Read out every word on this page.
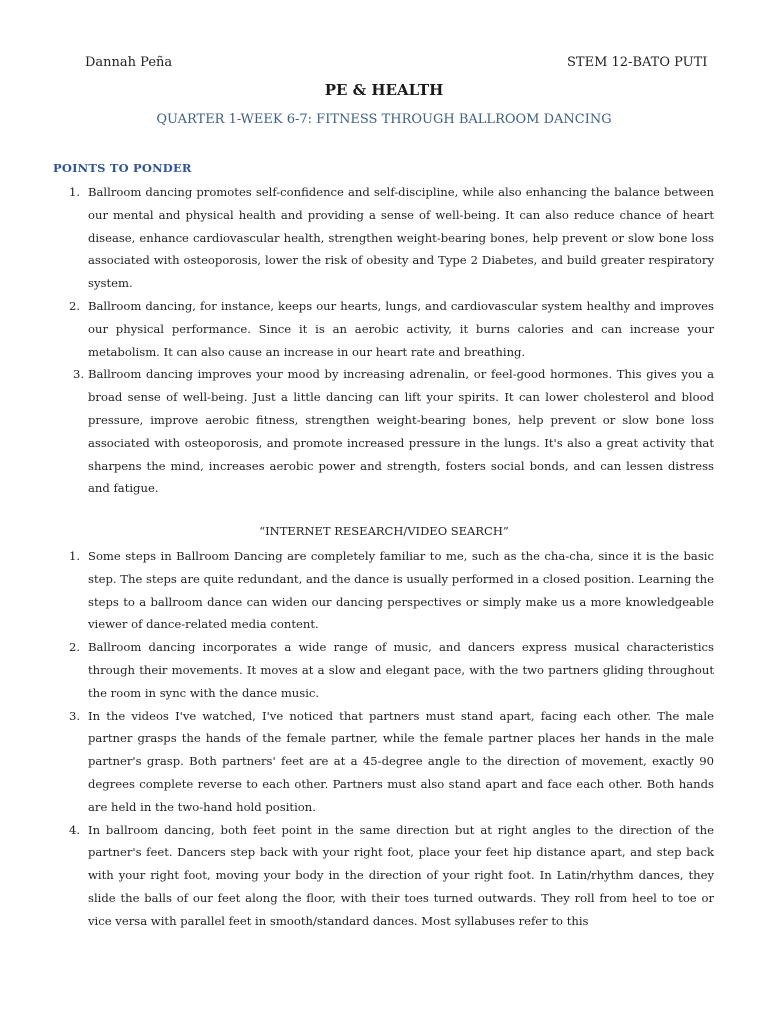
Dannah Peña	STEM 12-BATO PUTI
PE & HEALTH
QUARTER 1-WEEK 6-7: FITNESS THROUGH BALLROOM DANCING
POINTS TO PONDER
1. Ballroom dancing promotes self-confidence and self-discipline, while also enhancing the balance between our mental and physical health and providing a sense of well-being. It can also reduce chance of heart disease, enhance cardiovascular health, strengthen weight-bearing bones, help prevent or slow bone loss associated with osteoporosis, lower the risk of obesity and Type 2 Diabetes, and build greater respiratory system.
2. Ballroom dancing, for instance, keeps our hearts, lungs, and cardiovascular system healthy and improves our physical performance. Since it is an aerobic activity, it burns calories and can increase your metabolism. It can also cause an increase in our heart rate and breathing.
3. Ballroom dancing improves your mood by increasing adrenalin, or feel-good hormones. This gives you a broad sense of well-being. Just a little dancing can lift your spirits. It can lower cholesterol and blood pressure, improve aerobic fitness, strengthen weight-bearing bones, help prevent or slow bone loss associated with osteoporosis, and promote increased pressure in the lungs. It's also a great activity that sharpens the mind, increases aerobic power and strength, fosters social bonds, and can lessen distress and fatigue.
“INTERNET RESEARCH/VIDEO SEARCH”
1. Some steps in Ballroom Dancing are completely familiar to me, such as the cha-cha, since it is the basic step. The steps are quite redundant, and the dance is usually performed in a closed position. Learning the steps to a ballroom dance can widen our dancing perspectives or simply make us a more knowledgeable viewer of dance-related media content.
2. Ballroom dancing incorporates a wide range of music, and dancers express musical characteristics through their movements. It moves at a slow and elegant pace, with the two partners gliding throughout the room in sync with the dance music.
3. In the videos I've watched, I've noticed that partners must stand apart, facing each other. The male partner grasps the hands of the female partner, while the female partner places her hands in the male partner's grasp. Both partners' feet are at a 45-degree angle to the direction of movement, exactly 90 degrees complete reverse to each other. Partners must also stand apart and face each other. Both hands are held in the two-hand hold position.
4. In ballroom dancing, both feet point in the same direction but at right angles to the direction of the partner's feet. Dancers step back with your right foot, place your feet hip distance apart, and step back with your right foot, moving your body in the direction of your right foot. In Latin/rhythm dances, they slide the balls of our feet along the floor, with their toes turned outwards. They roll from heel to toe or vice versa with parallel feet in smooth/standard dances. Most syllabuses refer to this
